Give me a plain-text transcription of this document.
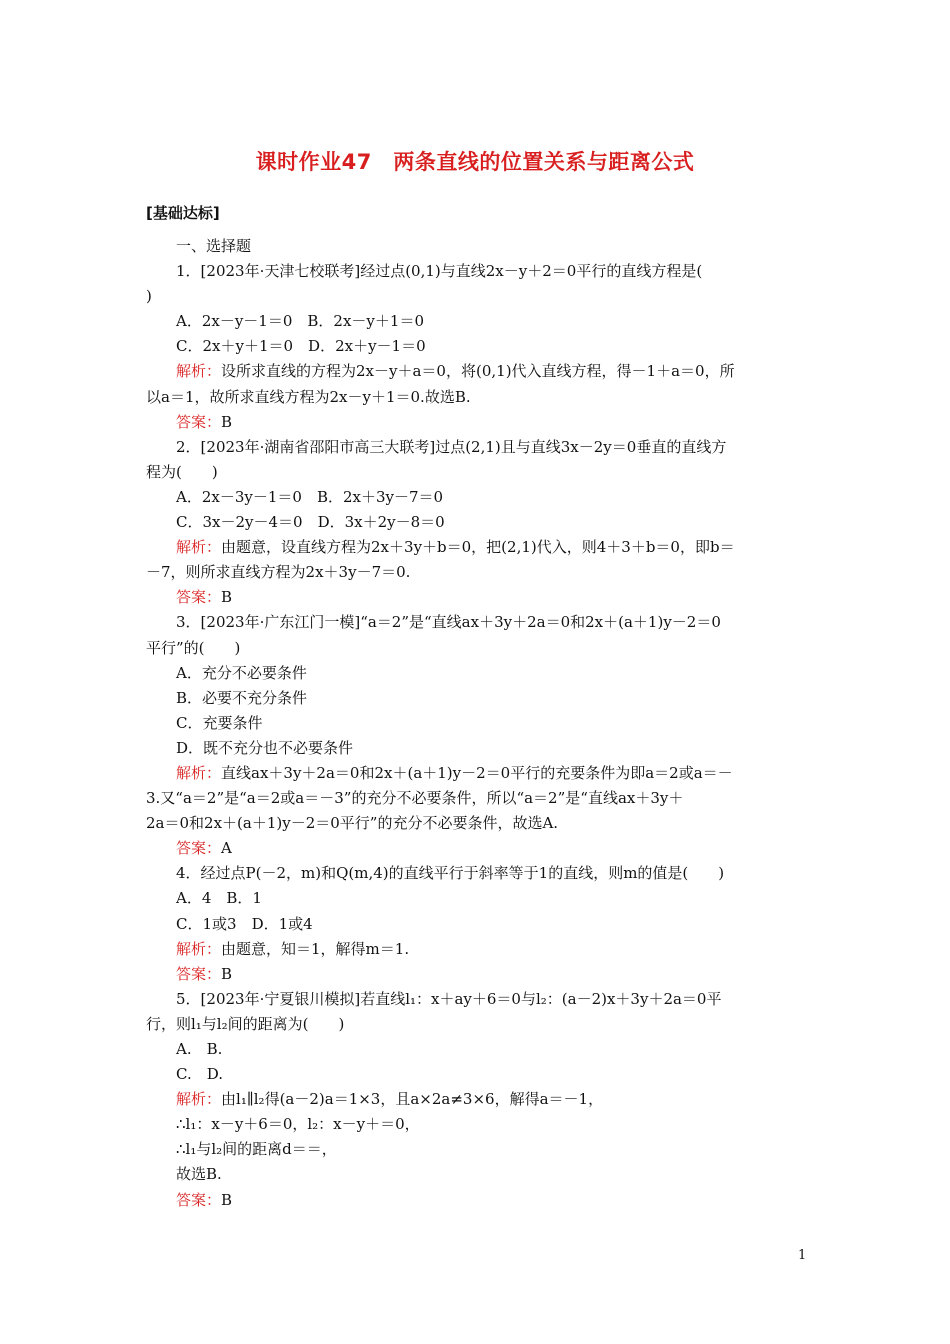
课时作业47　两条直线的位置关系与距离公式
[基础达标]
一、选择题
1．[2023年·天津七校联考]经过点(0,1)与直线2x－y＋2＝0平行的直线方程是(
)
A．2x－y－1＝0　B．2x－y＋1＝0
C．2x＋y＋1＝0　D．2x＋y－1＝0
解析：设所求直线的方程为2x－y＋a＝0，将(0,1)代入直线方程，得－1＋a＝0，所
以a＝1，故所求直线方程为2x－y＋1＝0.故选B.
答案：B
2．[2023年·湖南省邵阳市高三大联考]过点(2,1)且与直线3x－2y＝0垂直的直线方
程为(　　)
A．2x－3y－1＝0　B．2x＋3y－7＝0
C．3x－2y－4＝0　D．3x＋2y－8＝0
解析：由题意，设直线方程为2x＋3y＋b＝0，把(2,1)代入，则4＋3＋b＝0，即b＝
－7，则所求直线方程为2x＋3y－7＝0.
答案：B
3．[2023年·广东江门一模]“a＝2”是“直线ax＋3y＋2a＝0和2x＋(a＋1)y－2＝0
平行”的(　　)
A．充分不必要条件
B．必要不充分条件
C．充要条件
D．既不充分也不必要条件
解析：直线ax＋3y＋2a＝0和2x＋(a＋1)y－2＝0平行的充要条件为即a＝2或a＝－
3.又“a＝2”是“a＝2或a＝－3”的充分不必要条件，所以“a＝2”是“直线ax＋3y＋
2a＝0和2x＋(a＋1)y－2＝0平行”的充分不必要条件，故选A.
答案：A
4．经过点P(－2，m)和Q(m,4)的直线平行于斜率等于1的直线，则m的值是(　　)
A．4　B．1
C．1或3　D．1或4
解析：由题意，知＝1，解得m＝1.
答案：B
5．[2023年·宁夏银川模拟]若直线l₁：x＋ay＋6＝0与l₂：(a－2)x＋3y＋2a＝0平
行，则l₁与l₂间的距离为(　　)
A.　B.
C.　D.
解析：由l₁∥l₂得(a－2)a＝1×3，且a×2a≠3×6，解得a＝－1，
∴l₁：x－y＋6＝0，l₂：x－y＋＝0，
∴l₁与l₂间的距离d＝＝，
故选B.
答案：B
1
